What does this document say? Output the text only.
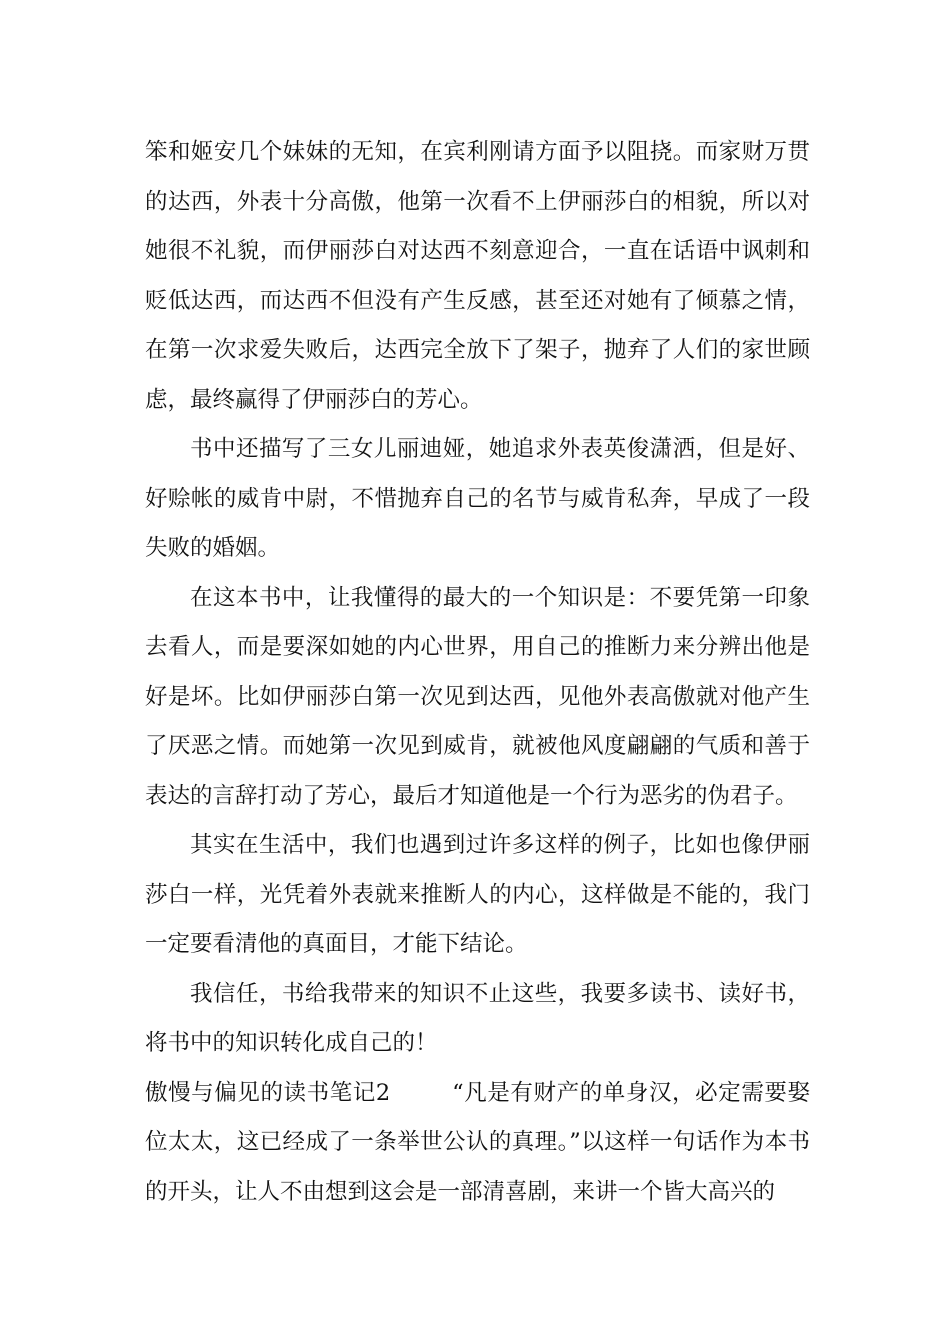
笨和姬安几个妹妹的无知，在宾利刚请方面予以阻挠。而家财万贯的达西，外表十分高傲，他第一次看不上伊丽莎白的相貌，所以对她很不礼貌，而伊丽莎白对达西不刻意迎合，一直在话语中讽刺和贬低达西，而达西不但没有产生反感，甚至还对她有了倾慕之情，在第一次求爱失败后，达西完全放下了架子，抛弃了人们的家世顾虑，最终赢得了伊丽莎白的芳心。

书中还描写了三女儿丽迪娅，她追求外表英俊潇洒，但是好、好赊帐的威肯中尉，不惜抛弃自己的名节与威肯私奔，早成了一段失败的婚姻。

在这本书中，让我懂得的最大的一个知识是：不要凭第一印象去看人，而是要深如她的内心世界，用自己的推断力来分辨出他是好是坏。比如伊丽莎白第一次见到达西，见他外表高傲就对他产生了厌恶之情。而她第一次见到威肯，就被他风度翩翩的气质和善于表达的言辞打动了芳心，最后才知道他是一个行为恶劣的伪君子。

其实在生活中，我们也遇到过许多这样的例子，比如也像伊丽莎白一样，光凭着外表就来推断人的内心，这样做是不能的，我门一定要看清他的真面目，才能下结论。

我信任，书给我带来的知识不止这些，我要多读书、读好书，将书中的知识转化成自己的！

傲慢与偏见的读书笔记2	“凡是有财产的单身汉，必定需要娶位太太，这已经成了一条举世公认的真理。”以这样一句话作为本书的开头，让人不由想到这会是一部清喜剧，来讲一个皆大高兴的
